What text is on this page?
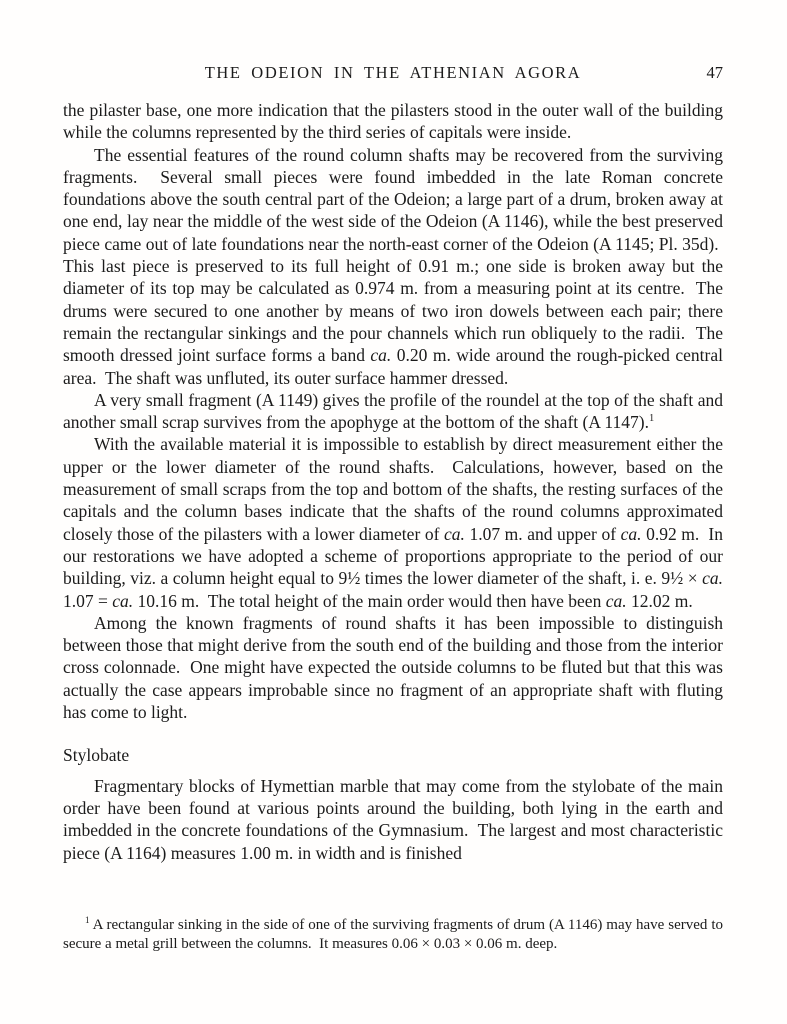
THE ODEION IN THE ATHENIAN AGORA	47

the pilaster base, one more indication that the pilasters stood in the outer wall of the building while the columns represented by the third series of capitals were inside.

The essential features of the round column shafts may be recovered from the surviving fragments.  Several small pieces were found imbedded in the late Roman concrete foundations above the south central part of the Odeion; a large part of a drum, broken away at one end, lay near the middle of the west side of the Odeion (A 1146), while the best preserved piece came out of late foundations near the north-east corner of the Odeion (A 1145; Pl. 35d).  This last piece is preserved to its full height of 0.91 m.; one side is broken away but the diameter of its top may be calculated as 0.974 m. from a measuring point at its centre.  The drums were secured to one another by means of two iron dowels between each pair; there remain the rectangular sinkings and the pour channels which run obliquely to the radii.  The smooth dressed joint surface forms a band ca. 0.20 m. wide around the rough-picked central area.  The shaft was unfluted, its outer surface hammer dressed.

A very small fragment (A 1149) gives the profile of the roundel at the top of the shaft and another small scrap survives from the apophyge at the bottom of the shaft (A 1147).$^1$

With the available material it is impossible to establish by direct measurement either the upper or the lower diameter of the round shafts.  Calculations, however, based on the measurement of small scraps from the top and bottom of the shafts, the resting surfaces of the capitals and the column bases indicate that the shafts of the round columns approximated closely those of the pilasters with a lower diameter of ca. 1.07 m. and upper of ca. 0.92 m.  In our restorations we have adopted a scheme of proportions appropriate to the period of our building, viz. a column height equal to 9½ times the lower diameter of the shaft, i. e. 9½ × ca. 1.07 = ca. 10.16 m.  The total height of the main order would then have been ca. 12.02 m.

Among the known fragments of round shafts it has been impossible to distinguish between those that might derive from the south end of the building and those from the interior cross colonnade.  One might have expected the outside columns to be fluted but that this was actually the case appears improbable since no fragment of an appropriate shaft with fluting has come to light.

Stylobate

Fragmentary blocks of Hymettian marble that may come from the stylobate of the main order have been found at various points around the building, both lying in the earth and imbedded in the concrete foundations of the Gymnasium.  The largest and most characteristic piece (A 1164) measures 1.00 m. in width and is finished

$^1$ A rectangular sinking in the side of one of the surviving fragments of drum (A 1146) may have served to secure a metal grill between the columns.  It measures 0.06 × 0.03 × 0.06 m. deep.
